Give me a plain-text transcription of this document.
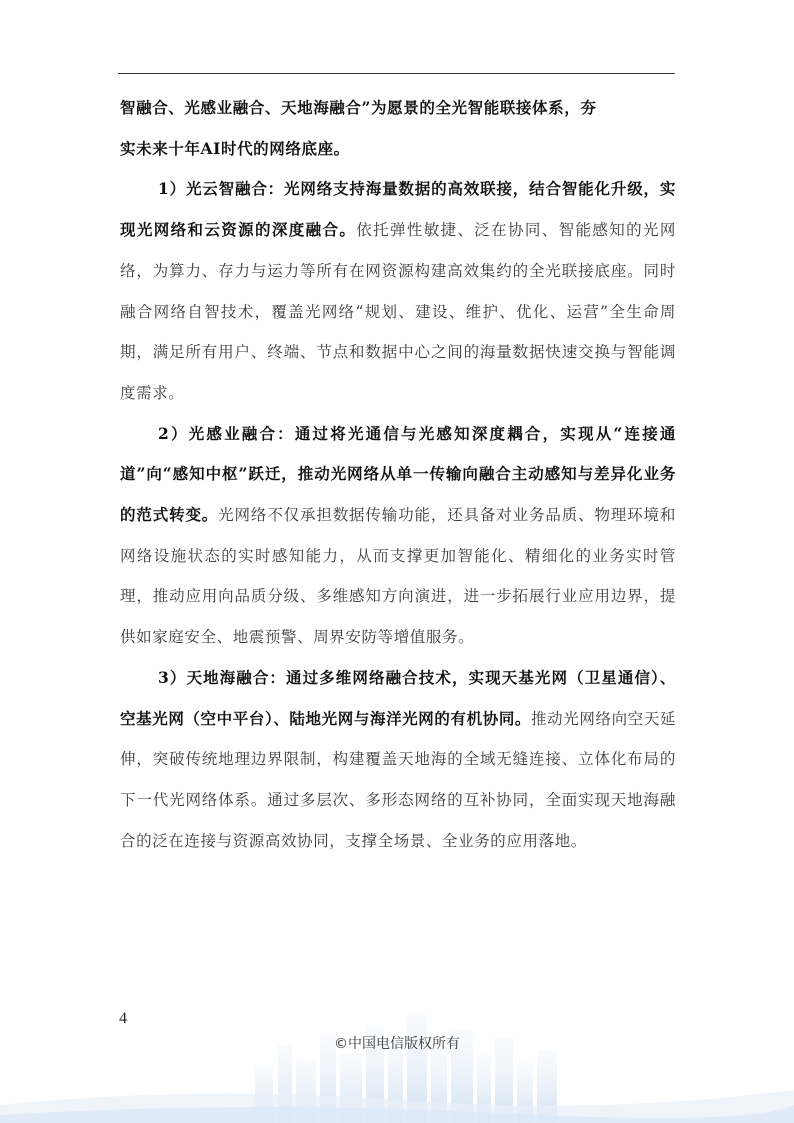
智融合、光感业融合、天地海融合”为愿景的全光智能联接体系，夯
实未来十年AI时代的网络底座。

1）光云智融合：光网络支持海量数据的高效联接，结合智能化升级，实现光网络和云资源的深度融合。依托弹性敏捷、泛在协同、智能感知的光网络，为算力、存力与运力等所有在网资源构建高效集约的全光联接底座。同时融合网络自智技术，覆盖光网络“规划、建设、维护、优化、运营”全生命周期，满足所有用户、终端、节点和数据中心之间的海量数据快速交换与智能调度需求。

2）光感业融合：通过将光通信与光感知深度耦合，实现从“连接通道”向“感知中枢”跃迁，推动光网络从单一传输向融合主动感知与差异化业务的范式转变。光网络不仅承担数据传输功能，还具备对业务品质、物理环境和网络设施状态的实时感知能力，从而支撑更加智能化、精细化的业务实时管理，推动应用向品质分级、多维感知方向演进，进一步拓展行业应用边界，提供如家庭安全、地震预警、周界安防等增值服务。

3）天地海融合：通过多维网络融合技术，实现天基光网（卫星通信）、空基光网（空中平台）、陆地光网与海洋光网的有机协同。推动光网络向空天延伸，突破传统地理边界限制，构建覆盖天地海的全域无缝连接、立体化布局的下一代光网络体系。通过多层次、多形态网络的互补协同，全面实现天地海融合的泛在连接与资源高效协同，支撑全场景、全业务的应用落地。

4
©中国电信版权所有
